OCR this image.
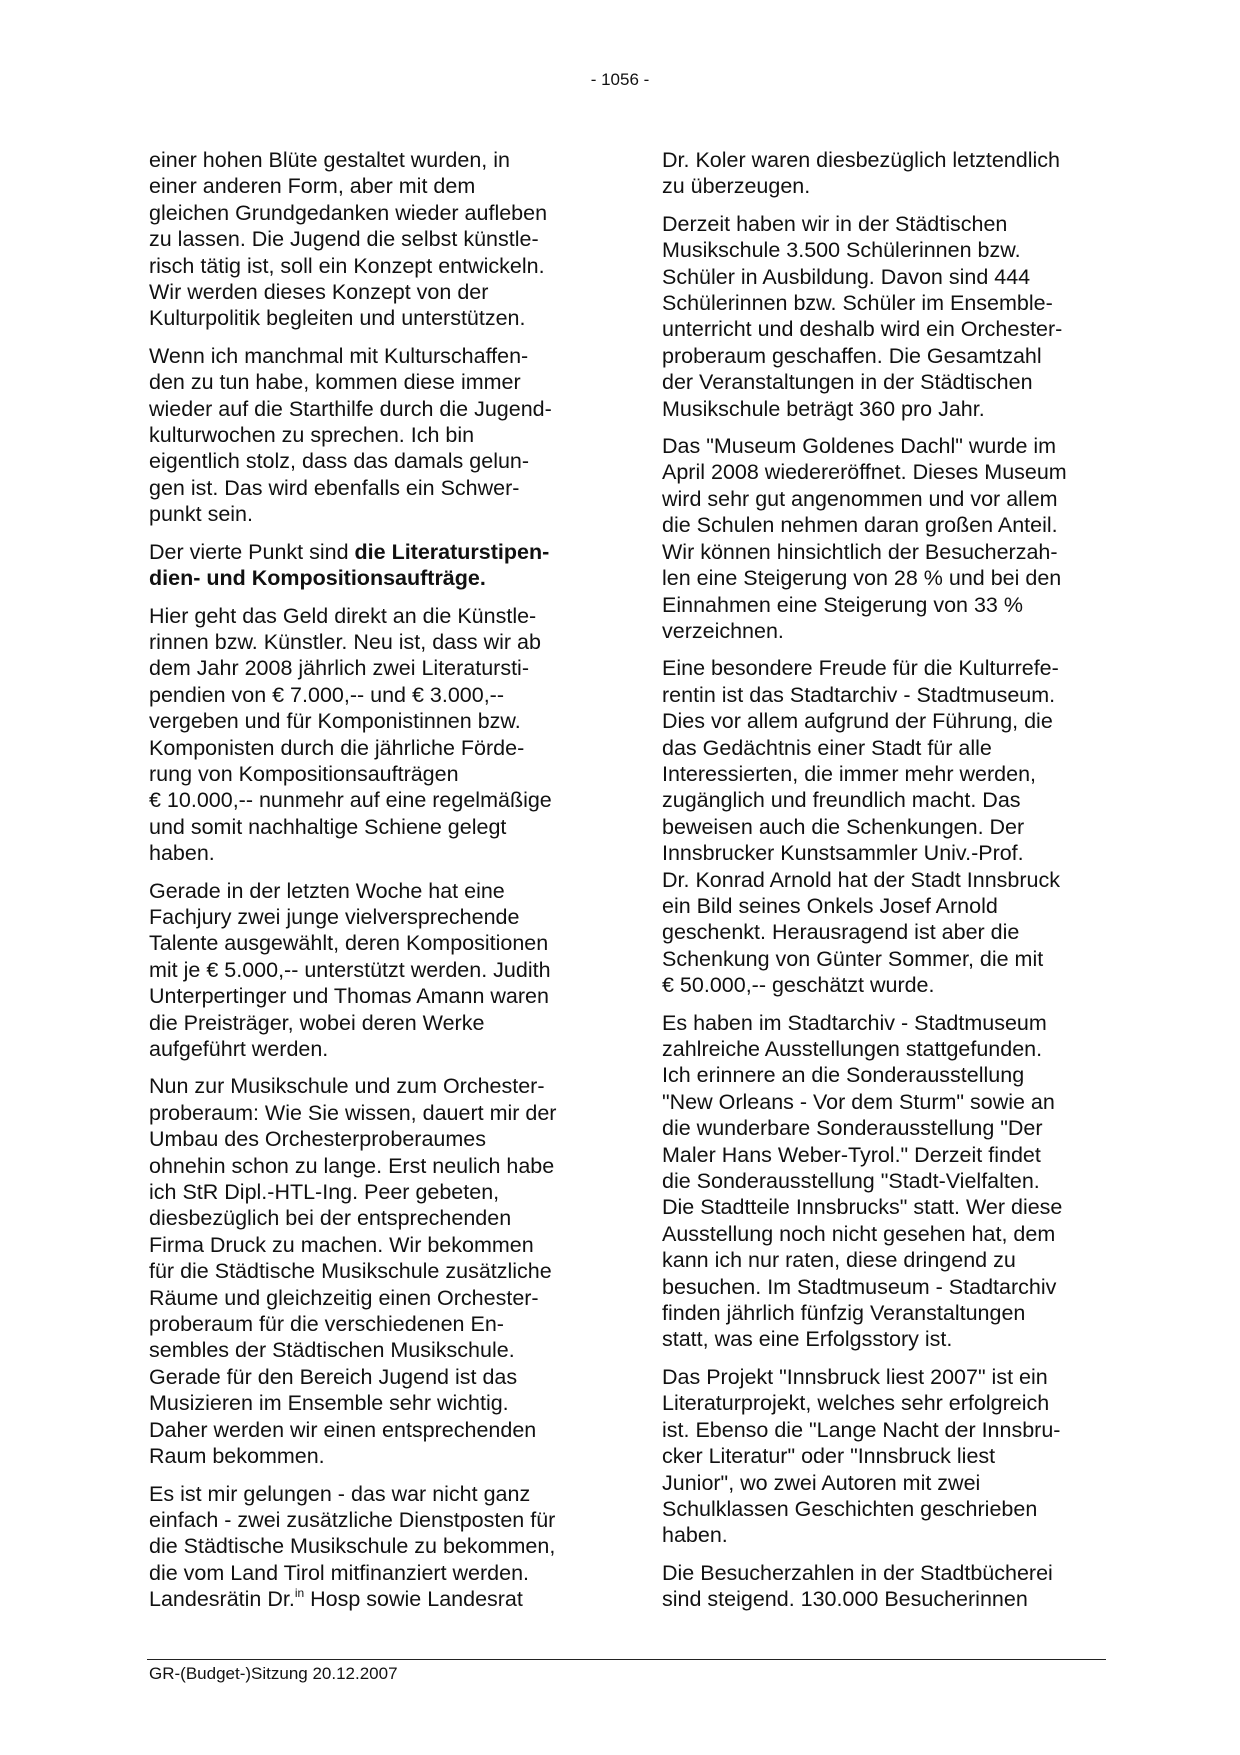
- 1056 -

einer hohen Blüte gestaltet wurden, in
einer anderen Form, aber mit dem
gleichen Grundgedanken wieder aufleben
zu lassen. Die Jugend die selbst künstle-
risch tätig ist, soll ein Konzept entwickeln.
Wir werden dieses Konzept von der
Kulturpolitik begleiten und unterstützen.

Wenn ich manchmal mit Kulturschaffen-
den zu tun habe, kommen diese immer
wieder auf die Starthilfe durch die Jugend-
kulturwochen zu sprechen. Ich bin
eigentlich stolz, dass das damals gelun-
gen ist. Das wird ebenfalls ein Schwer-
punkt sein.

Der vierte Punkt sind die Literaturstipen-
dien- und Kompositionsaufträge.

Hier geht das Geld direkt an die Künstle-
rinnen bzw. Künstler. Neu ist, dass wir ab
dem Jahr 2008 jährlich zwei Literatursti-
pendien von € 7.000,-- und € 3.000,--
vergeben und für Komponistinnen bzw.
Komponisten durch die jährliche Förde-
rung von Kompositionsaufträgen
€ 10.000,-- nunmehr auf eine regelmäßige
und somit nachhaltige Schiene gelegt
haben.

Gerade in der letzten Woche hat eine
Fachjury zwei junge vielversprechende
Talente ausgewählt, deren Kompositionen
mit je € 5.000,-- unterstützt werden. Judith
Unterpertinger und Thomas Amann waren
die Preisträger, wobei deren Werke
aufgeführt werden.

Nun zur Musikschule und zum Orchester-
proberaum: Wie Sie wissen, dauert mir der
Umbau des Orchesterproberaumes
ohnehin schon zu lange. Erst neulich habe
ich StR Dipl.-HTL-Ing. Peer gebeten,
diesbezüglich bei der entsprechenden
Firma Druck zu machen. Wir bekommen
für die Städtische Musikschule zusätzliche
Räume und gleichzeitig einen Orchester-
proberaum für die verschiedenen En-
sembles der Städtischen Musikschule.
Gerade für den Bereich Jugend ist das
Musizieren im Ensemble sehr wichtig.
Daher werden wir einen entsprechenden
Raum bekommen.

Es ist mir gelungen - das war nicht ganz
einfach - zwei zusätzliche Dienstposten für
die Städtische Musikschule zu bekommen,
die vom Land Tirol mitfinanziert werden.
Landesrätin Dr.$^{in}$ Hosp sowie Landesrat

Dr. Koler waren diesbezüglich letztendlich
zu überzeugen.

Derzeit haben wir in der Städtischen
Musikschule 3.500 Schülerinnen bzw.
Schüler in Ausbildung. Davon sind 444
Schülerinnen bzw. Schüler im Ensemble-
unterricht und deshalb wird ein Orchester-
proberaum geschaffen. Die Gesamtzahl
der Veranstaltungen in der Städtischen
Musikschule beträgt 360 pro Jahr.

Das "Museum Goldenes Dachl" wurde im
April 2008 wiedereröffnet. Dieses Museum
wird sehr gut angenommen und vor allem
die Schulen nehmen daran großen Anteil.
Wir können hinsichtlich der Besucherzah-
len eine Steigerung von 28 % und bei den
Einnahmen eine Steigerung von 33 %
verzeichnen.

Eine besondere Freude für die Kulturrefe-
rentin ist das Stadtarchiv - Stadtmuseum.
Dies vor allem aufgrund der Führung, die
das Gedächtnis einer Stadt für alle
Interessierten, die immer mehr werden,
zugänglich und freundlich macht. Das
beweisen auch die Schenkungen. Der
Innsbrucker Kunstsammler Univ.-Prof.
Dr. Konrad Arnold hat der Stadt Innsbruck
ein Bild seines Onkels Josef Arnold
geschenkt. Herausragend ist aber die
Schenkung von Günter Sommer, die mit
€ 50.000,-- geschätzt wurde.

Es haben im Stadtarchiv - Stadtmuseum
zahlreiche Ausstellungen stattgefunden.
Ich erinnere an die Sonderausstellung
"New Orleans - Vor dem Sturm" sowie an
die wunderbare Sonderausstellung "Der
Maler Hans Weber-Tyrol." Derzeit findet
die Sonderausstellung "Stadt-Vielfalten.
Die Stadtteile Innsbrucks" statt. Wer diese
Ausstellung noch nicht gesehen hat, dem
kann ich nur raten, diese dringend zu
besuchen. Im Stadtmuseum - Stadtarchiv
finden jährlich fünfzig Veranstaltungen
statt, was eine Erfolgsstory ist.

Das Projekt "Innsbruck liest 2007" ist ein
Literaturprojekt, welches sehr erfolgreich
ist. Ebenso die "Lange Nacht der Innsbru-
cker Literatur" oder "Innsbruck liest
Junior", wo zwei Autoren mit zwei
Schulklassen Geschichten geschrieben
haben.

Die Besucherzahlen in der Stadtbücherei
sind steigend. 130.000 Besucherinnen

GR-(Budget-)Sitzung 20.12.2007
